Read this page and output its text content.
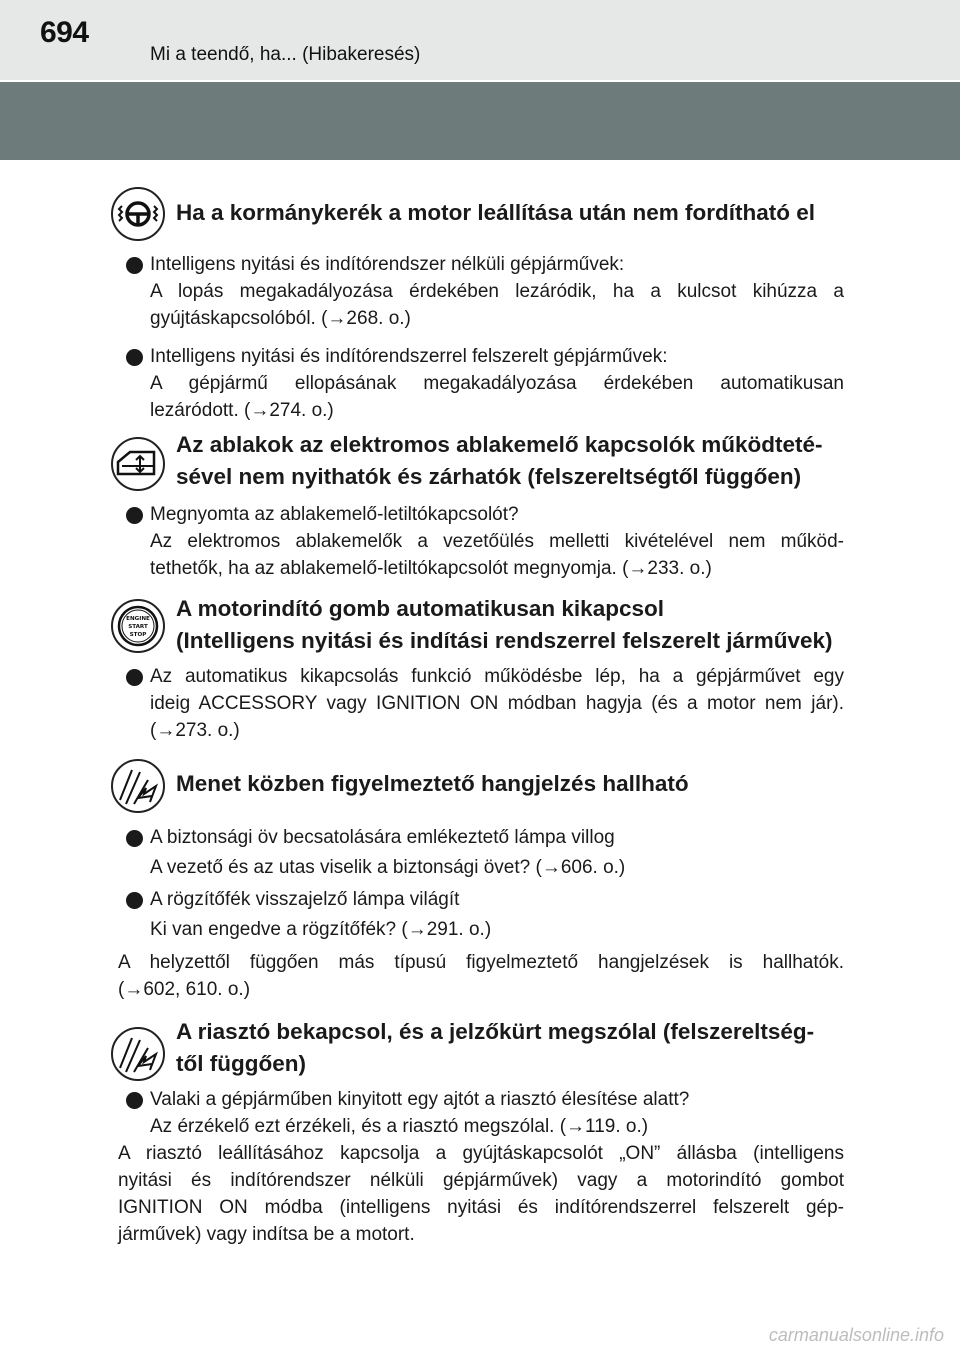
694
Mi a teendő, ha... (Hibakeresés)
Ha a kormánykerék a motor leállítása után nem fordítható el
Intelligens nyitási és indítórendszer nélküli gépjárművek:
A lopás megakadályozása érdekében lezáródik, ha a kulcsot kihúzza a
gyújtáskapcsolóból. (→268. o.)
Intelligens nyitási és indítórendszerrel felszerelt gépjárművek:
A gépjármű ellopásának megakadályozása érdekében automatikusan
lezáródott. (→274. o.)
Az ablakok az elektromos ablakemelő kapcsolók működteté-
sével nem nyithatók és zárhatók (felszereltségtől függően)
Megnyomta az ablakemelő-letiltókapcsolót?
Az elektromos ablakemelők a vezetőülés melletti kivételével nem működ-
tethetők, ha az ablakemelő-letiltókapcsolót megnyomja. (→233. o.)
ENGINE
START
STOP
A motorindító gomb automatikusan kikapcsol
(Intelligens nyitási és indítási rendszerrel felszerelt járművek)
Az automatikus kikapcsolás funkció működésbe lép, ha a gépjárművet egy
ideig ACCESSORY vagy IGNITION ON módban hagyja (és a motor nem jár).
(→273. o.)
Menet közben figyelmeztető hangjelzés hallható
A biztonsági öv becsatolására emlékeztető lámpa villog
A vezető és az utas viselik a biztonsági övet? (→606. o.)
A rögzítőfék visszajelző lámpa világít
Ki van engedve a rögzítőfék? (→291. o.)
A helyzettől függően más típusú figyelmeztető hangjelzések is hallhatók.
(→602, 610. o.)
A riasztó bekapcsol, és a jelzőkürt megszólal (felszereltség-
től függően)
Valaki a gépjárműben kinyitott egy ajtót a riasztó élesítése alatt?
Az érzékelő ezt érzékeli, és a riasztó megszólal. (→119. o.)
A riasztó leállításához kapcsolja a gyújtáskapcsolót „ON” állásba (intelligens
nyitási és indítórendszer nélküli gépjárművek) vagy a motorindító gombot
IGNITION ON módba (intelligens nyitási és indítórendszerrel felszerelt gép-
járművek) vagy indítsa be a motort.
carmanualsonline.info
